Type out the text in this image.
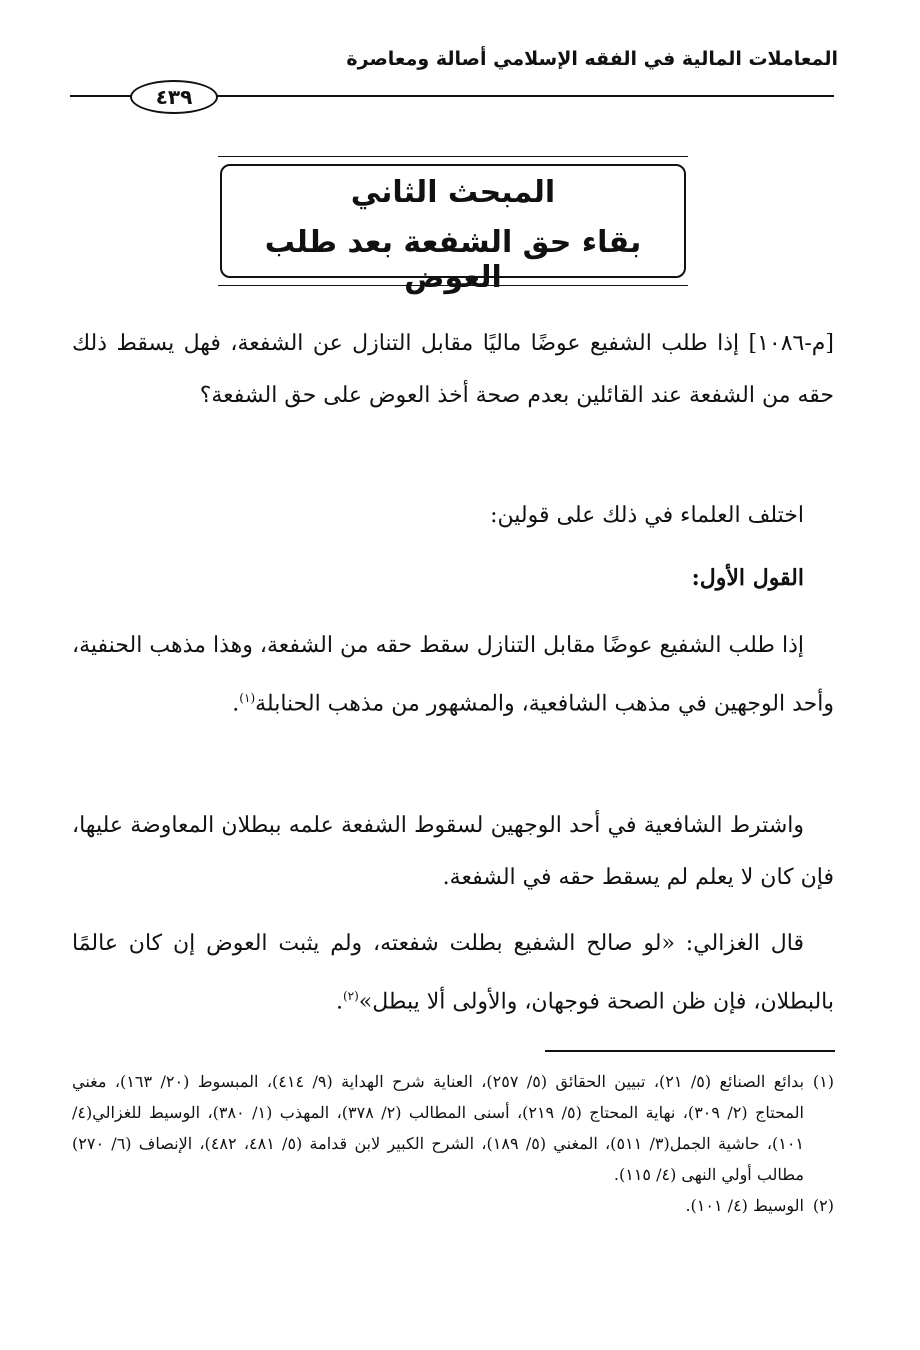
المعاملات المالية في الفقه الإسلامي أصالة ومعاصرة
٤٣٩
المبحث الثاني
بقاء حق الشفعة بعد طلب العوض
[م-١٠٨٦] إذا طلب الشفيع عوضًا ماليًا مقابل التنازل عن الشفعة، فهل يسقط ذلك حقه من الشفعة عند القائلين بعدم صحة أخذ العوض على حق الشفعة؟
اختلف العلماء في ذلك على قولين:
القول الأول:
إذا طلب الشفيع عوضًا مقابل التنازل سقط حقه من الشفعة، وهذا مذهب الحنفية، وأحد الوجهين في مذهب الشافعية، والمشهور من مذهب الحنابلة$^{(١)}$.
واشترط الشافعية في أحد الوجهين لسقوط الشفعة علمه ببطلان المعاوضة عليها، فإن كان لا يعلم لم يسقط حقه في الشفعة.
قال الغزالي: «لو صالح الشفيع بطلت شفعته، ولم يثبت العوض إن كان عالمًا بالبطلان، فإن ظن الصحة فوجهان، والأولى ألا يبطل»$^{(٢)}$.
(١)
بدائع الصنائع (٥/ ٢١)، تبيين الحقائق (٥/ ٢٥٧)، العناية شرح الهداية (٩/ ٤١٤)، المبسوط (٢٠/ ١٦٣)، مغني المحتاج (٢/ ٣٠٩)، نهاية المحتاج (٥/ ٢١٩)، أسنى المطالب (٢/ ٣٧٨)، المهذب (١/ ٣٨٠)، الوسيط للغزالي(٤/ ١٠١)، حاشية الجمل(٣/ ٥١١)، المغني (٥/ ١٨٩)، الشرح الكبير لابن قدامة (٥/ ٤٨١، ٤٨٢)، الإنصاف (٦/ ٢٧٠) مطالب أولي النهى (٤/ ١١٥).
(٢)
الوسيط (٤/ ١٠١).
